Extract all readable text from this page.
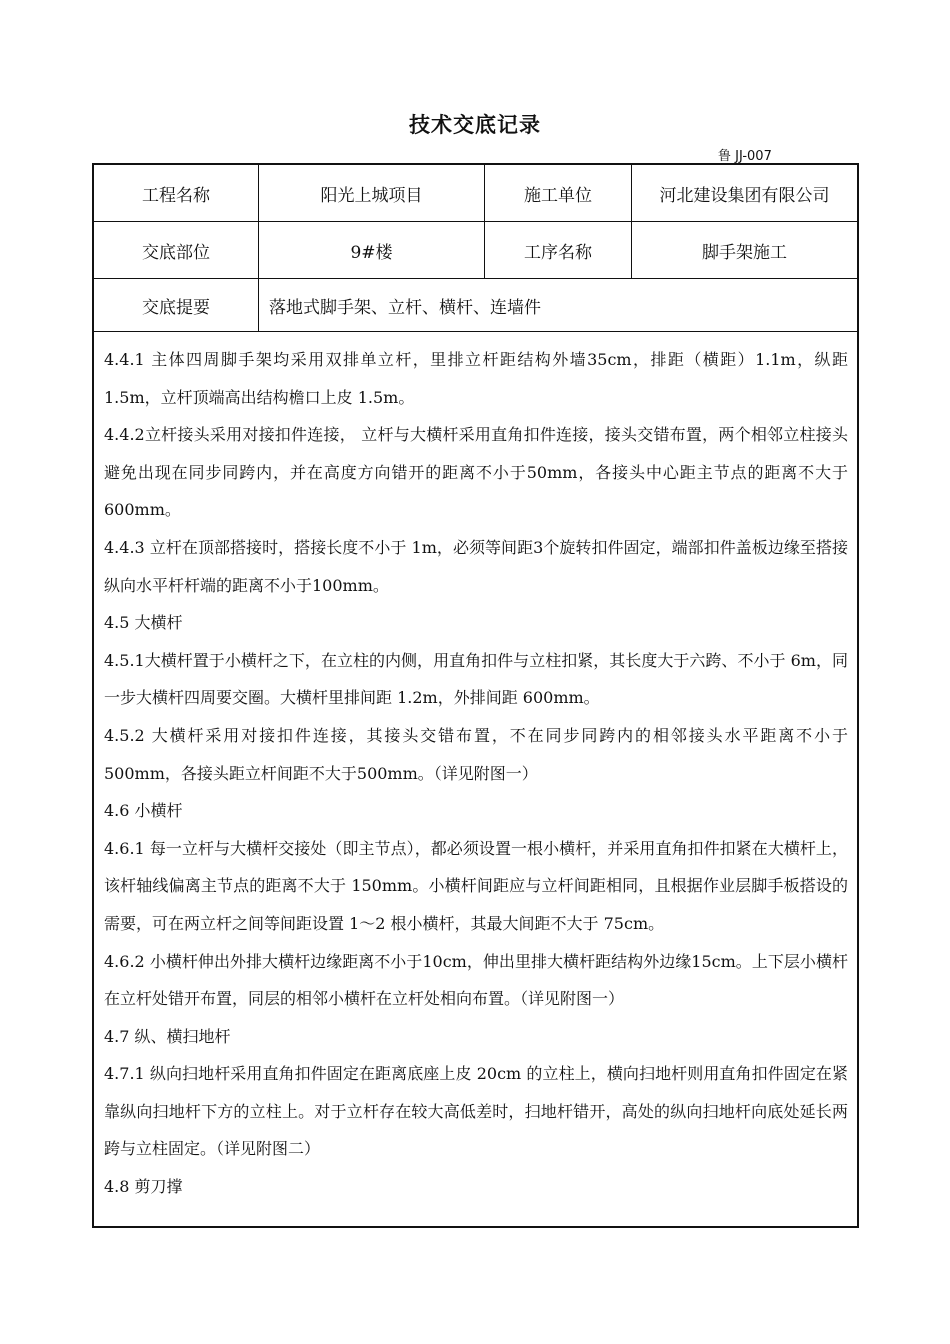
技术交底记录
鲁 JJ-007
工程名称	阳光上城项目	施工单位	河北建设集团有限公司
交底部位	9#楼	工序名称	脚手架施工
交底提要	落地式脚手架、立杆、横杆、连墙件

4.4.1 主体四周脚手架均采用双排单立杆，里排立杆距结构外墙35cm，排距（横距）1.1m，纵距1.5m，立杆顶端高出结构檐口上皮 1.5m。

4.4.2立杆接头采用对接扣件连接， 立杆与大横杆采用直角扣件连接，接头交错布置，两个相邻立柱接头避免出现在同步同跨内，并在高度方向错开的距离不小于50mm，各接头中心距主节点的距离不大于600mm。

4.4.3 立杆在顶部搭接时，搭接长度不小于 1m，必须等间距3个旋转扣件固定，端部扣件盖板边缘至搭接纵向水平杆杆端的距离不小于100mm。

4.5 大横杆

4.5.1大横杆置于小横杆之下，在立柱的内侧，用直角扣件与立柱扣紧，其长度大于六跨、不小于 6m，同一步大横杆四周要交圈。大横杆里排间距 1.2m，外排间距 600mm。

4.5.2 大横杆采用对接扣件连接，其接头交错布置，不在同步同跨内的相邻接头水平距离不小于500mm，各接头距立杆间距不大于500mm。（详见附图一）

4.6 小横杆

4.6.1 每一立杆与大横杆交接处（即主节点），都必须设置一根小横杆，并采用直角扣件扣紧在大横杆上，该杆轴线偏离主节点的距离不大于 150mm。小横杆间距应与立杆间距相同，且根据作业层脚手板搭设的需要，可在两立杆之间等间距设置 1～2 根小横杆，其最大间距不大于 75cm。

4.6.2 小横杆伸出外排大横杆边缘距离不小于10cm，伸出里排大横杆距结构外边缘15cm。上下层小横杆在立杆处错开布置，同层的相邻小横杆在立杆处相向布置。（详见附图一）

4.7 纵、横扫地杆

4.7.1 纵向扫地杆采用直角扣件固定在距离底座上皮 20cm 的立柱上，横向扫地杆则用直角扣件固定在紧靠纵向扫地杆下方的立柱上。对于立杆存在较大高低差时，扫地杆错开，高处的纵向扫地杆向底处延长两跨与立柱固定。（详见附图二）

4.8 剪刀撑
